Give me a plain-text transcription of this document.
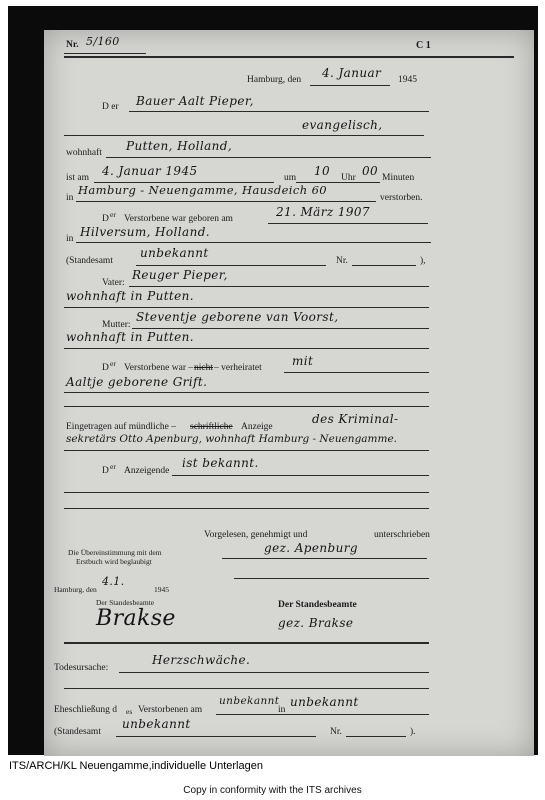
Nr. 5/160	C 1
Hamburg, den 4. Januar 1945
D er Bauer Aalt Pieper,
evangelisch,
wohnhaft Putten, Holland,
ist am 4. Januar 1945	um 10 Uhr 00 Minuten
in
Hamburg - Neuengamme, Hausdeich 60
verstorben.
D er Verstorbene war geboren am	21. März 1907
in Hilversum, Holland.
(Standesamt
unbekannt
Nr.	),
Vater:
Reuger Pieper,
wohnhaft in Putten.
Mutter:
Steventje geborene van Voorst,
wohnhaft in Putten.
D er Verstorbene war – nicht – verheiratet	mit
Aaltje geborene Grift.
Eingetragen auf mündliche – schriftliche Anzeige
des Kriminal-
sekretärs Otto Apenburg, wohnhaft Hamburg - Neuengamme.
D er Anzeigende
ist bekannt.
Vorgelesen, genehmigt und	unterschrieben
gez. Apenburg
Die Übereinstimmung mit dem
Erstbuch wird beglaubigt
Hamburg, den
4.1.
1945
Der Standesbeamte
Brakse
Der Standesbeamte
gez. Brakse
Todesursache:
Herzschwäche.
Eheschließung d es Verstorbenen am
unbekannt
in
unbekannt
(Standesamt
unbekannt
Nr.	).
ITS/ARCH/KL Neuengamme,individuelle Unterlagen
Copy in conformity with the ITS archives
